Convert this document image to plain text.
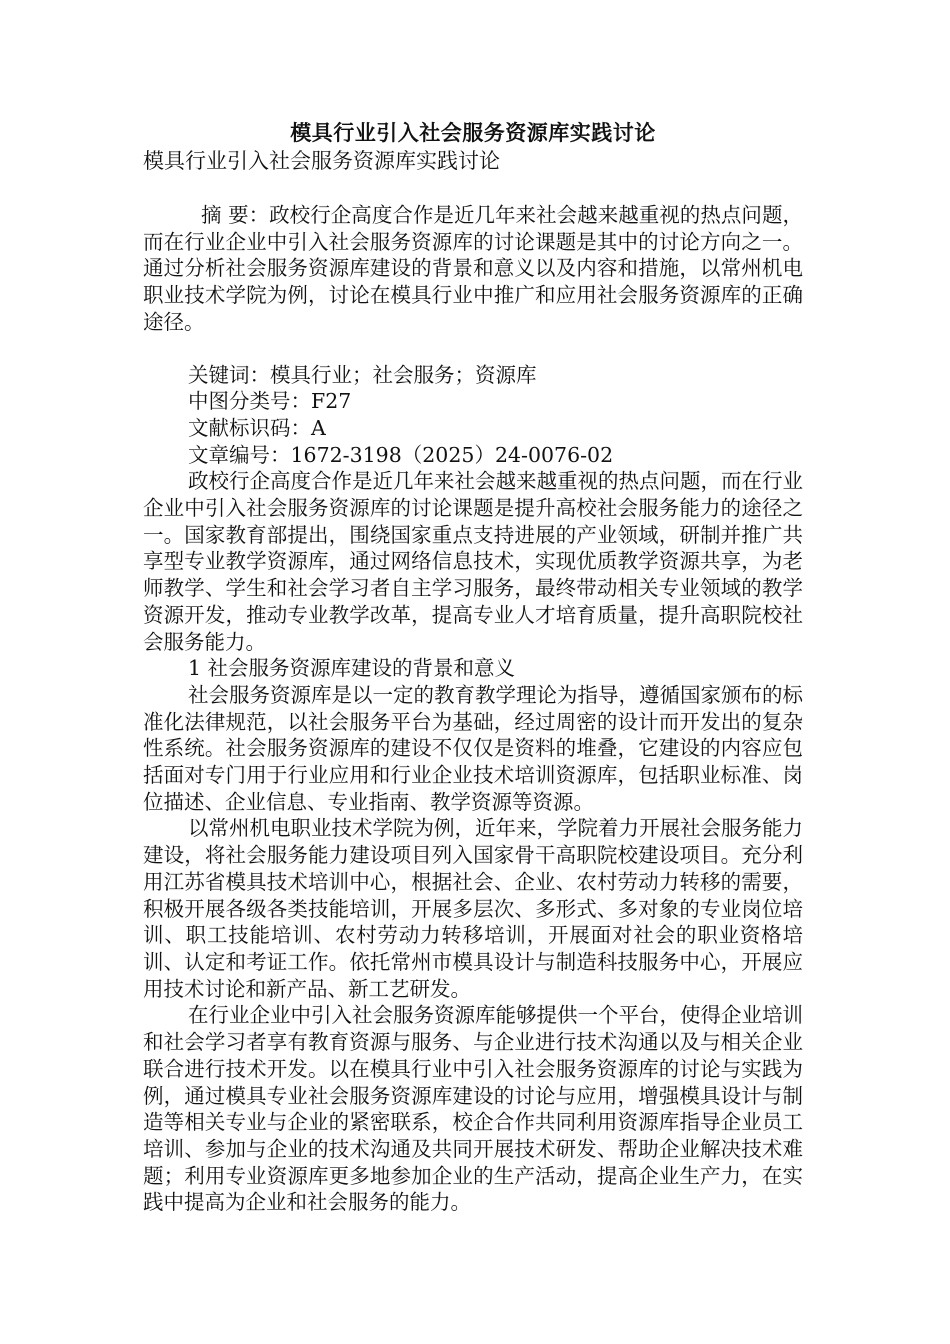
模具行业引入社会服务资源库实践讨论

模具行业引入社会服务资源库实践讨论

摘 要：政校行企高度合作是近几年来社会越来越重视的热点问题，而在行业企业中引入社会服务资源库的讨论课题是其中的讨论方向之一。通过分析社会服务资源库建设的背景和意义以及内容和措施，以常州机电职业技术学院为例，讨论在模具行业中推广和应用社会服务资源库的正确途径。

关键词：模具行业；社会服务；资源库

中图分类号：F27

文献标识码：A

文章编号：1672-3198（2025）24-0076-02

政校行企高度合作是近几年来社会越来越重视的热点问题，而在行业企业中引入社会服务资源库的讨论课题是提升高校社会服务能力的途径之一。国家教育部提出，围绕国家重点支持进展的产业领域，研制并推广共享型专业教学资源库，通过网络信息技术，实现优质教学资源共享，为老师教学、学生和社会学习者自主学习服务，最终带动相关专业领域的教学资源开发，推动专业教学改革，提高专业人才培育质量，提升高职院校社会服务能力。

1 社会服务资源库建设的背景和意义

社会服务资源库是以一定的教育教学理论为指导，遵循国家颁布的标准化法律规范，以社会服务平台为基础，经过周密的设计而开发出的复杂性系统。社会服务资源库的建设不仅仅是资料的堆叠，它建设的内容应包括面对专门用于行业应用和行业企业技术培训资源库，包括职业标准、岗位描述、企业信息、专业指南、教学资源等资源。

以常州机电职业技术学院为例，近年来，学院着力开展社会服务能力建设，将社会服务能力建设项目列入国家骨干高职院校建设项目。充分利用江苏省模具技术培训中心，根据社会、企业、农村劳动力转移的需要，积极开展各级各类技能培训，开展多层次、多形式、多对象的专业岗位培训、职工技能培训、农村劳动力转移培训，开展面对社会的职业资格培训、认定和考证工作。依托常州市模具设计与制造科技服务中心，开展应用技术讨论和新产品、新工艺研发。

在行业企业中引入社会服务资源库能够提供一个平台，使得企业培训和社会学习者享有教育资源与服务、与企业进行技术沟通以及与相关企业联合进行技术开发。以在模具行业中引入社会服务资源库的讨论与实践为例，通过模具专业社会服务资源库建设的讨论与应用，增强模具设计与制造等相关专业与企业的紧密联系，校企合作共同利用资源库指导企业员工培训、参加与企业的技术沟通及共同开展技术研发、帮助企业解决技术难题；利用专业资源库更多地参加企业的生产活动，提高企业生产力，在实践中提高为企业和社会服务的能力。
